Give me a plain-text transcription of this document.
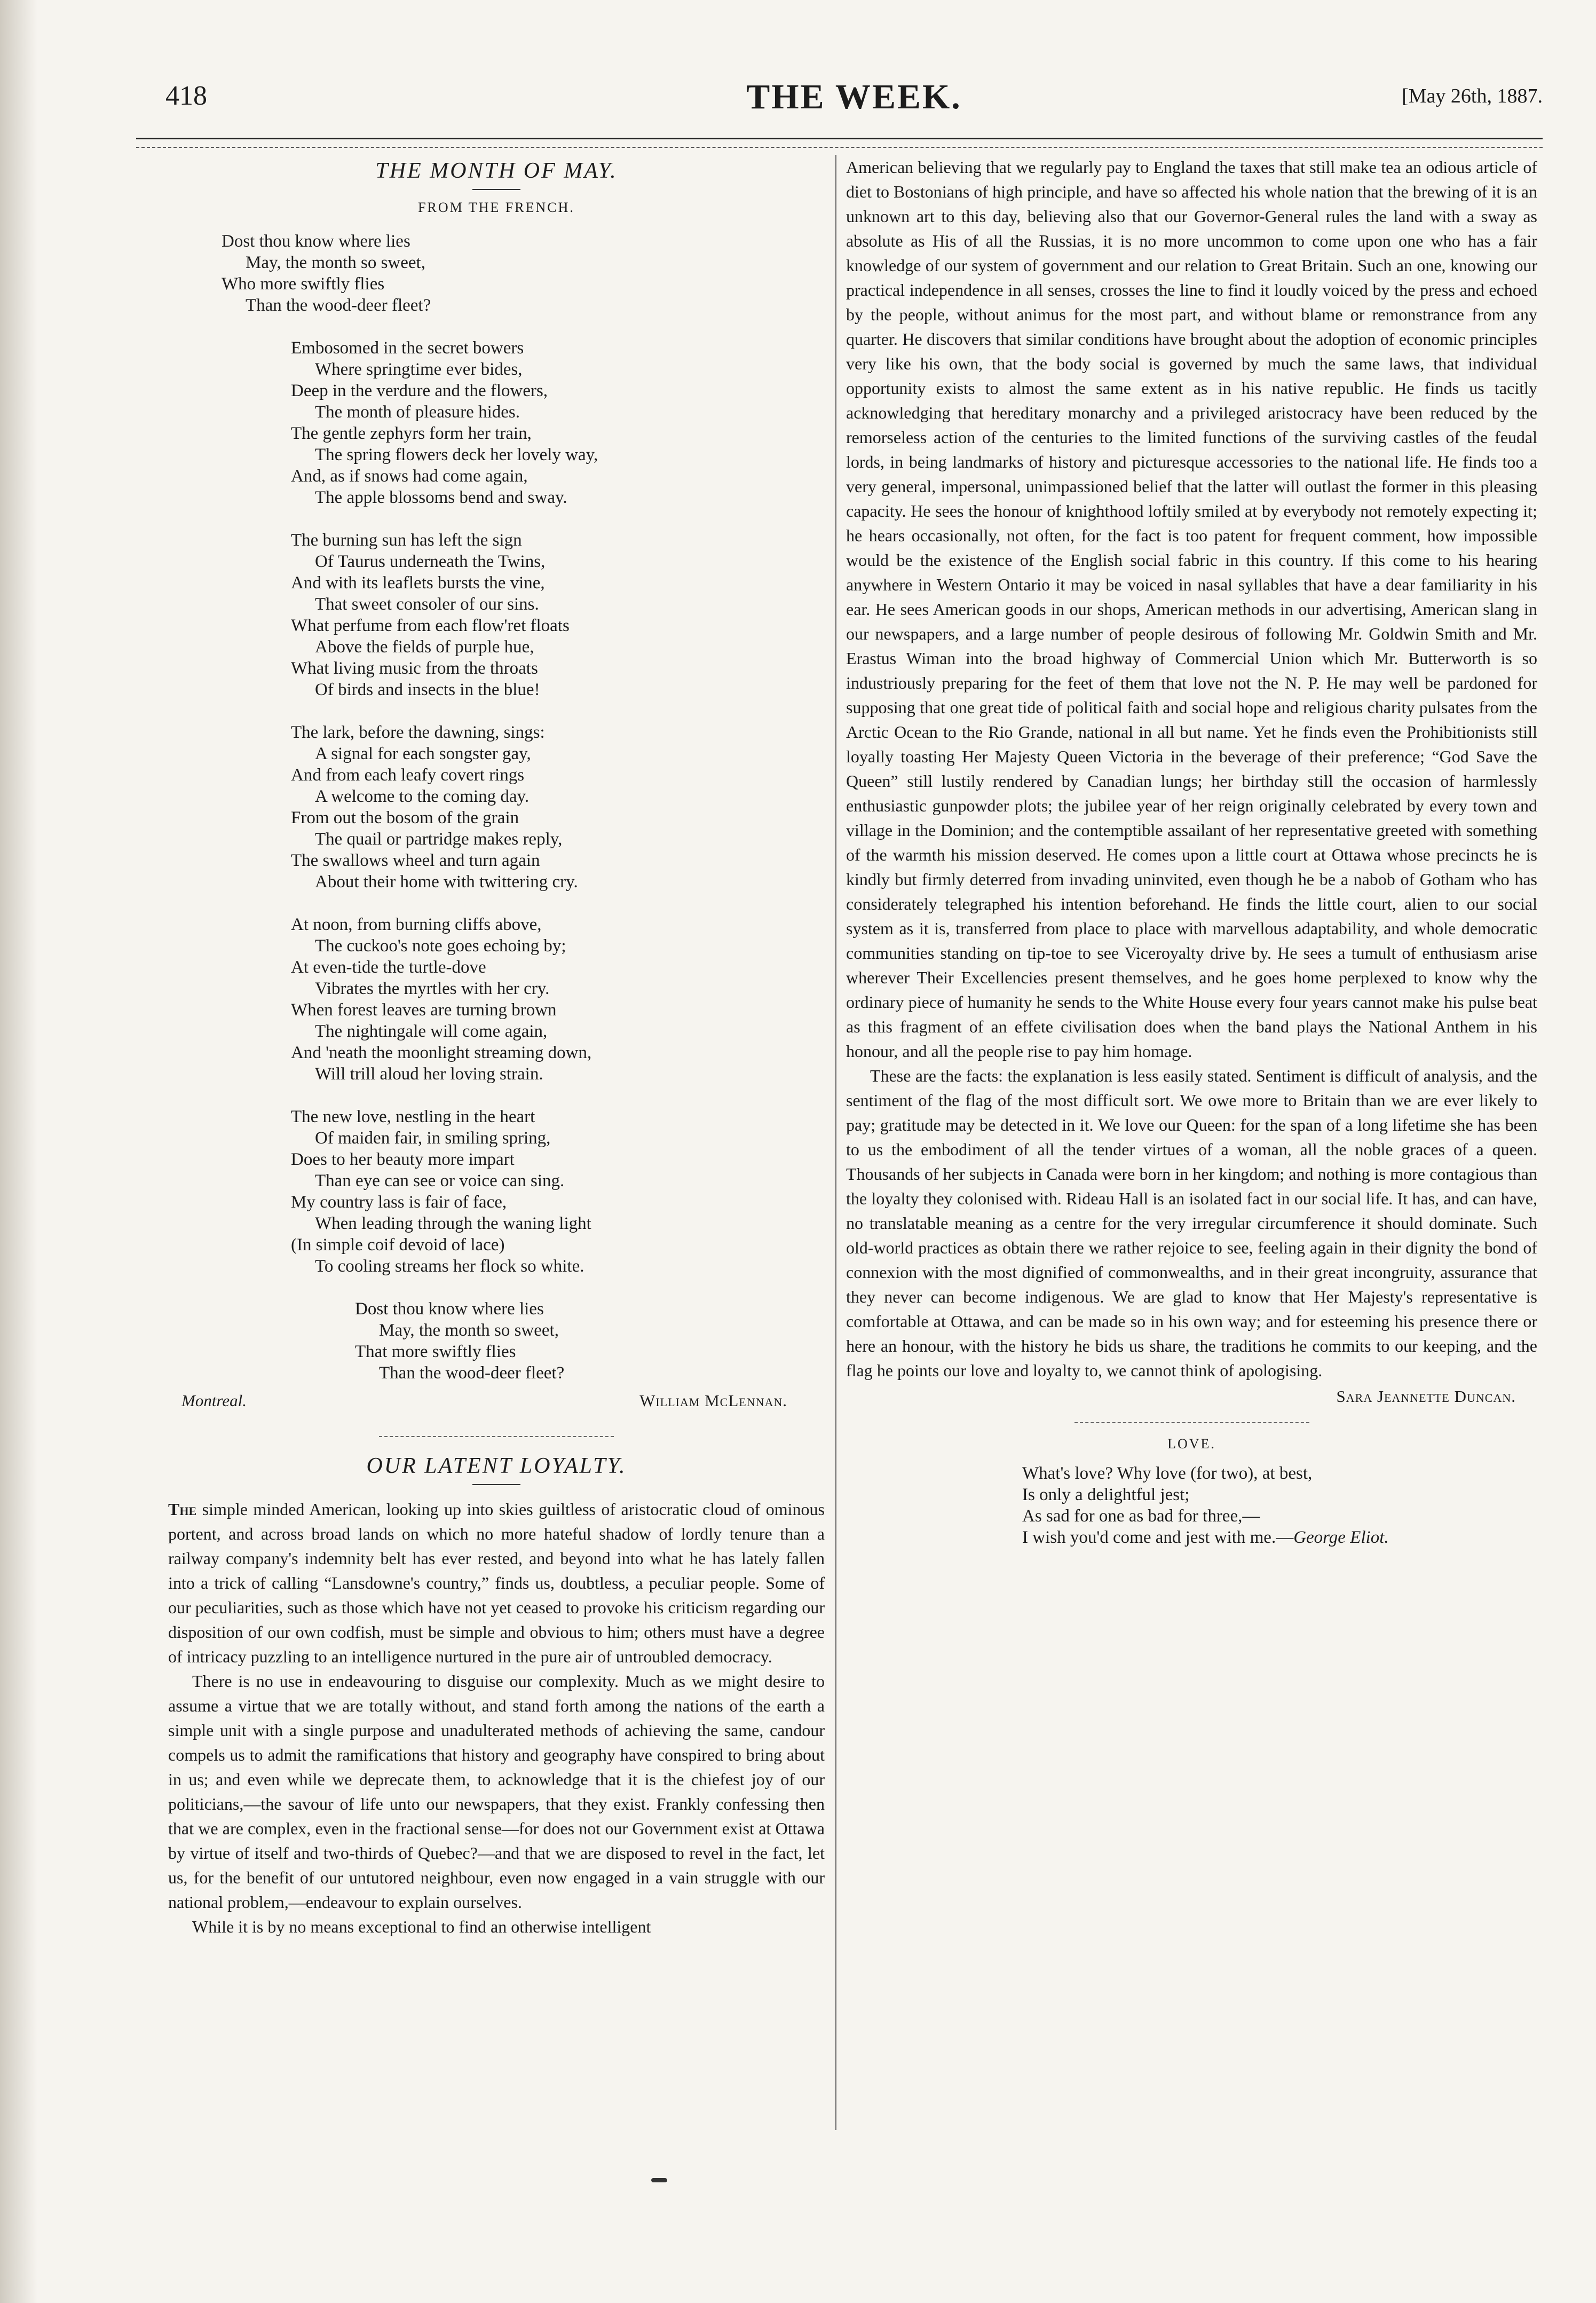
418	THE WEEK.	[May 26th, 1887.
THE MONTH OF MAY.
FROM THE FRENCH.
Dost thou know where lies
May, the month so sweet,
Who more swiftly flies
Than the wood-deer fleet?
Embosomed in the secret bowers
Where springtime ever bides,
Deep in the verdure and the flowers,
The month of pleasure hides.
The gentle zephyrs form her train,
The spring flowers deck her lovely way,
And, as if snows had come again,
The apple blossoms bend and sway.
The burning sun has left the sign
Of Taurus underneath the Twins,
And with its leaflets bursts the vine,
That sweet consoler of our sins.
What perfume from each flow'ret floats
Above the fields of purple hue,
What living music from the throats
Of birds and insects in the blue!
The lark, before the dawning, sings:
A signal for each songster gay,
And from each leafy covert rings
A welcome to the coming day.
From out the bosom of the grain
The quail or partridge makes reply,
The swallows wheel and turn again
About their home with twittering cry.
At noon, from burning cliffs above,
The cuckoo's note goes echoing by;
At even-tide the turtle-dove
Vibrates the myrtles with her cry.
When forest leaves are turning brown
The nightingale will come again,
And 'neath the moonlight streaming down,
Will trill aloud her loving strain.
The new love, nestling in the heart
Of maiden fair, in smiling spring,
Does to her beauty more impart
Than eye can see or voice can sing.
My country lass is fair of face,
When leading through the waning light
(In simple coif devoid of lace)
To cooling streams her flock so white.
Dost thou know where lies
May, the month so sweet,
That more swiftly flies
Than the wood-deer fleet?
Montreal.	William McLennan.
OUR LATENT LOYALTY.

The simple minded American, looking up into skies guiltless of aristocratic cloud of ominous portent, and across broad lands on which no more hateful shadow of lordly tenure than a railway company's indemnity belt has ever rested, and beyond into what he has lately fallen into a trick of calling “Lansdowne's country,” finds us, doubtless, a peculiar people. Some of our peculiarities, such as those which have not yet ceased to provoke his criticism regarding our disposition of our own codfish, must be simple and obvious to him; others must have a degree of intricacy puzzling to an intelligence nurtured in the pure air of untroubled democracy.

There is no use in endeavouring to disguise our complexity. Much as we might desire to assume a virtue that we are totally without, and stand forth among the nations of the earth a simple unit with a single purpose and unadulterated methods of achieving the same, candour compels us to admit the ramifications that history and geography have conspired to bring about in us; and even while we deprecate them, to acknowledge that it is the chiefest joy of our politicians,—the savour of life unto our newspapers, that they exist. Frankly confessing then that we are complex, even in the fractional sense—for does not our Government exist at Ottawa by virtue of itself and two-thirds of Quebec?—and that we are disposed to revel in the fact, let us, for the benefit of our untutored neighbour, even now engaged in a vain struggle with our national problem,—endeavour to explain ourselves.

While it is by no means exceptional to find an otherwise intelligent

American believing that we regularly pay to England the taxes that still make tea an odious article of diet to Bostonians of high principle, and have so affected his whole nation that the brewing of it is an unknown art to this day, believing also that our Governor-General rules the land with a sway as absolute as His of all the Russias, it is no more uncommon to come upon one who has a fair knowledge of our system of government and our relation to Great Britain. Such an one, knowing our practical independence in all senses, crosses the line to find it loudly voiced by the press and echoed by the people, without animus for the most part, and without blame or remonstrance from any quarter. He discovers that similar conditions have brought about the adoption of economic principles very like his own, that the body social is governed by much the same laws, that individual opportunity exists to almost the same extent as in his native republic. He finds us tacitly acknowledging that hereditary monarchy and a privileged aristocracy have been reduced by the remorseless action of the centuries to the limited functions of the surviving castles of the feudal lords, in being landmarks of history and picturesque accessories to the national life. He finds too a very general, impersonal, unimpassioned belief that the latter will outlast the former in this pleasing capacity. He sees the honour of knighthood loftily smiled at by everybody not remotely expecting it; he hears occasionally, not often, for the fact is too patent for frequent comment, how impossible would be the existence of the English social fabric in this country. If this come to his hearing anywhere in Western Ontario it may be voiced in nasal syllables that have a dear familiarity in his ear. He sees American goods in our shops, American methods in our advertising, American slang in our newspapers, and a large number of people desirous of following Mr. Goldwin Smith and Mr. Erastus Wiman into the broad highway of Commercial Union which Mr. Butterworth is so industriously preparing for the feet of them that love not the N. P. He may well be pardoned for supposing that one great tide of political faith and social hope and religious charity pulsates from the Arctic Ocean to the Rio Grande, national in all but name. Yet he finds even the Prohibitionists still loyally toasting Her Majesty Queen Victoria in the beverage of their preference; “God Save the Queen” still lustily rendered by Canadian lungs; her birthday still the occasion of harmlessly enthusiastic gunpowder plots; the jubilee year of her reign originally celebrated by every town and village in the Dominion; and the contemptible assailant of her representative greeted with something of the warmth his mission deserved. He comes upon a little court at Ottawa whose precincts he is kindly but firmly deterred from invading uninvited, even though he be a nabob of Gotham who has considerately telegraphed his intention beforehand. He finds the little court, alien to our social system as it is, transferred from place to place with marvellous adaptability, and whole democratic communities standing on tip-toe to see Viceroyalty drive by. He sees a tumult of enthusiasm arise wherever Their Excellencies present themselves, and he goes home perplexed to know why the ordinary piece of humanity he sends to the White House every four years cannot make his pulse beat as this fragment of an effete civilisation does when the band plays the National Anthem in his honour, and all the people rise to pay him homage.

These are the facts: the explanation is less easily stated. Sentiment is difficult of analysis, and the sentiment of the flag of the most difficult sort. We owe more to Britain than we are ever likely to pay; gratitude may be detected in it. We love our Queen: for the span of a long lifetime she has been to us the embodiment of all the tender virtues of a woman, all the noble graces of a queen. Thousands of her subjects in Canada were born in her kingdom; and nothing is more contagious than the loyalty they colonised with. Rideau Hall is an isolated fact in our social life. It has, and can have, no translatable meaning as a centre for the very irregular circumference it should dominate. Such old-world practices as obtain there we rather rejoice to see, feeling again in their dignity the bond of connexion with the most dignified of commonwealths, and in their great incongruity, assurance that they never can become indigenous. We are glad to know that Her Majesty's representative is comfortable at Ottawa, and can be made so in his own way; and for esteeming his presence there or here an honour, with the history he bids us share, the traditions he commits to our keeping, and the flag he points our love and loyalty to, we cannot think of apologising.

Sara Jeannette Duncan.
LOVE.
What's love? Why love (for two), at best,
Is only a delightful jest;
As sad for one as bad for three,—
I wish you'd come and jest with me.—George Eliot.
